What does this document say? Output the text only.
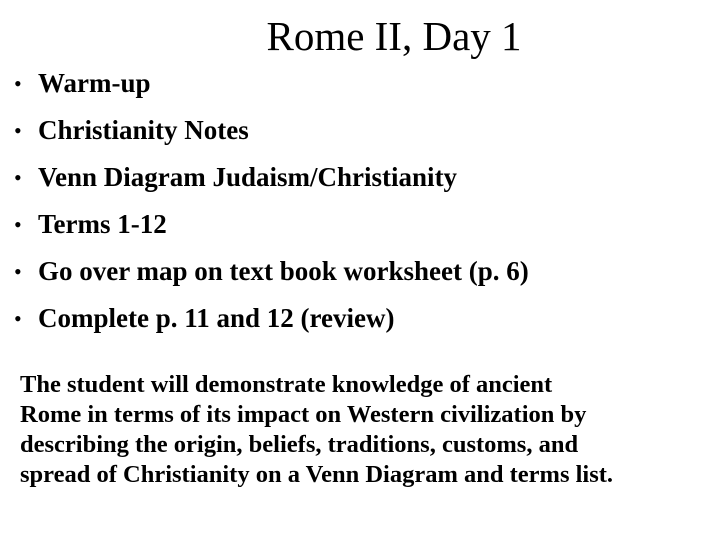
Rome II, Day 1
• Warm-up
• Christianity Notes
• Venn Diagram Judaism/Christianity
• Terms 1-12
• Go over map on text book worksheet (p. 6)
• Complete p. 11 and 12 (review)
The student will demonstrate knowledge of ancient
Rome in terms of its impact on Western civilization by
describing the origin, beliefs, traditions, customs, and
spread of Christianity on a Venn Diagram and terms list.
